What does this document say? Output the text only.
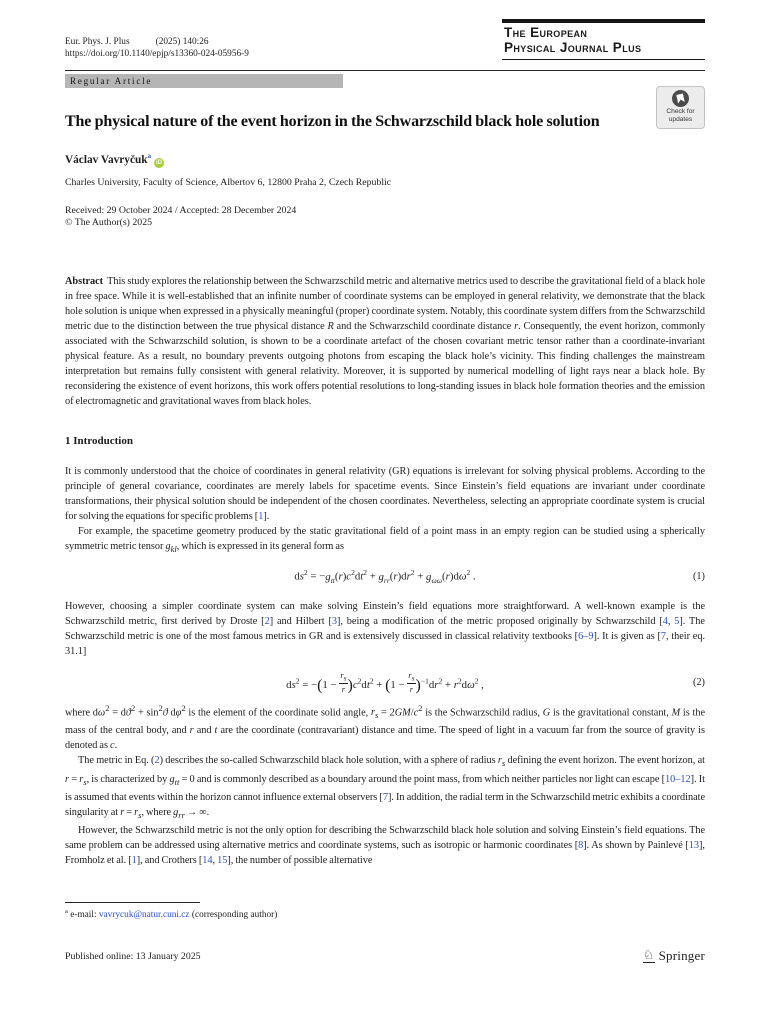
Eur. Phys. J. Plus	(2025) 140:26
https://doi.org/10.1140/epjp/s13360-024-05956-9
The European
Physical Journal Plus
Regular Article
Check for
updates
The physical nature of the event horizon in the Schwarzschild black hole solution
Václav Vavryčuk$^a$iD
Charles University, Faculty of Science, Albertov 6, 12800 Praha 2, Czech Republic
Received: 29 October 2024 / Accepted: 28 December 2024
© The Author(s) 2025
Abstract This study explores the relationship between the Schwarzschild metric and alternative metrics used to describe the gravitational field of a black hole in free space. While it is well-established that an infinite number of coordinate systems can be employed in general relativity, we demonstrate that the black hole solution is unique when expressed in a physically meaningful (proper) coordinate system. Notably, this coordinate system differs from the Schwarzschild metric due to the distinction between the true physical distance R and the Schwarzschild coordinate distance r. Consequently, the event horizon, commonly associated with the Schwarzschild solution, is shown to be a coordinate artefact of the chosen covariant metric tensor rather than a coordinate-invariant physical feature. As a result, no boundary prevents outgoing photons from escaping the black hole’s vicinity. This finding challenges the mainstream interpretation but remains fully consistent with general relativity. Moreover, it is supported by numerical modelling of light rays near a black hole. By reconsidering the existence of event horizons, this work offers potential resolutions to long-standing issues in black hole formation theories and the emission of electromagnetic and gravitational waves from black holes.
1 Introduction
It is commonly understood that the choice of coordinates in general relativity (GR) equations is irrelevant for solving physical problems. According to the principle of general covariance, coordinates are merely labels for spacetime events. Since Einstein’s field equations are invariant under coordinate transformations, their physical solution should be independent of the chosen coordinates. Nevertheless, selecting an appropriate coordinate system is crucial for solving the equations for specific problems [1].
For example, the spacetime geometry produced by the static gravitational field of a point mass in an empty region can be studied using a spherically symmetric metric tensor $g_{kl}$, which is expressed in its general form as
$ds^2 = -g_{tt}(r)c^2dt^2 + g_{rr}(r)dr^2 + g_{\omega\omega}(r)d\omega^2$ .	(1)
However, choosing a simpler coordinate system can make solving Einstein’s field equations more straightforward. A well-known example is the Schwarzschild metric, first derived by Droste [2] and Hilbert [3], being a modification of the metric proposed originally by Schwarzschild [4, 5]. The Schwarzschild metric is one of the most famous metrics in GR and is extensively discussed in classical relativity textbooks [6–9]. It is given as [7, their eq. 31.1]
$ds^2 = -(1 - \frac{r_s}{r} )c^2dt^2 + (1 - \frac{r_s}{r} )^{-1}dr^2 + r^2d\omega^2$ ,	(2)
where $d\omega^2 = dϑ^2 + \sin^2ϑ$ $d\varphi^2$ is the element of the coordinate solid angle, $r_s = 2GM/c^2$ is the Schwarzschild radius, G is the gravitational constant, M is the mass of the central body, and r and t are the coordinate (contravariant) distance and time. The speed of light in a vacuum far from the source of gravity is denoted as c.
The metric in Eq. (2) describes the so-called Schwarzschild black hole solution, with a sphere of radius $r_s$ defining the event horizon. The event horizon, at $r = r_s$, is characterized by $g_{tt} = 0$ and is commonly described as a boundary around the point mass, from which neither particles nor light can escape [10–12]. It is assumed that events within the horizon cannot influence external observers [7]. In addition, the radial term in the Schwarzschild metric exhibits a coordinate singularity at $r = r_s$, where $g_{rr}$ → ∞.
However, the Schwarzschild metric is not the only option for describing the Schwarzschild black hole solution and solving Einstein’s field equations. The same problem can be addressed using alternative metrics and coordinate systems, such as isotropic or harmonic coordinates [8]. As shown by Painlevé [13], Fromholz et al. [1], and Crothers [14, 15], the number of possible alternative
$^a$ e-mail: vavrycuk@natur.cuni.cz (corresponding author)
Published online: 13 January 2025	♘ Springer
